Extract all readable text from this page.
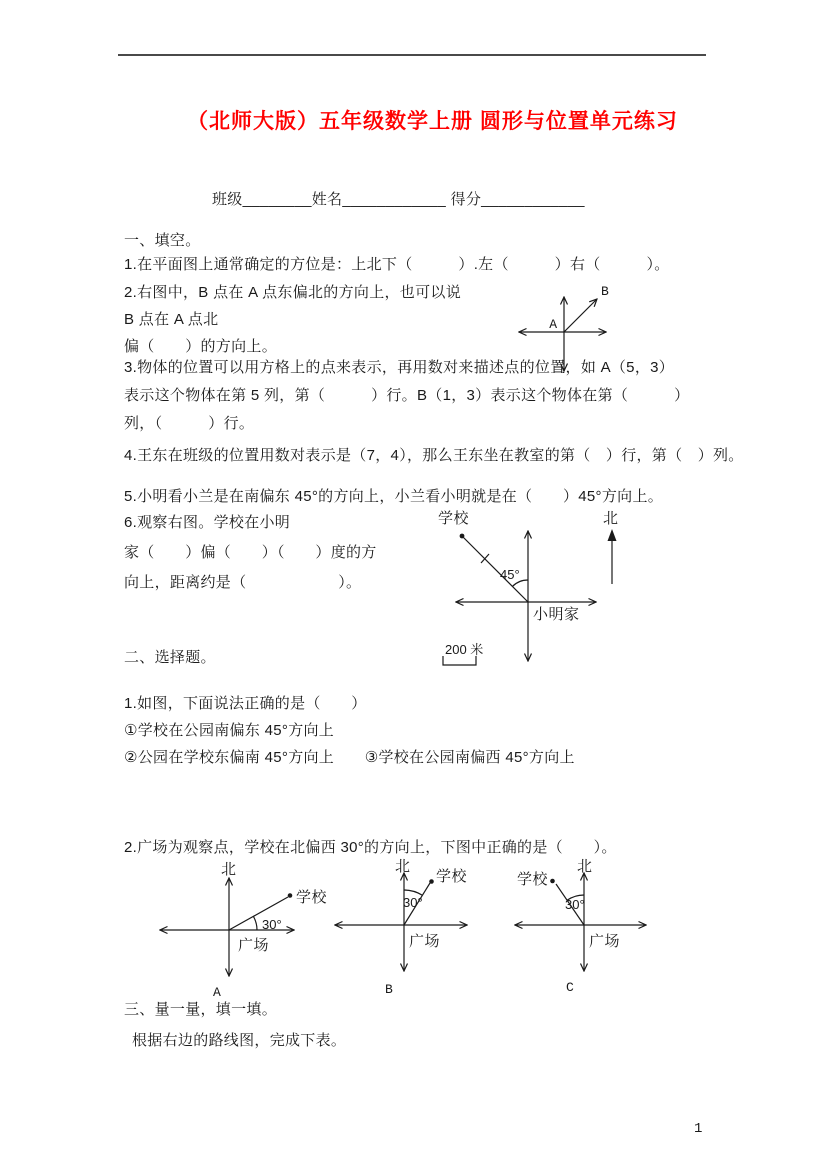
（北师大版）五年级数学上册 圆形与位置单元练习
班级________姓名____________ 得分____________
一、填空。
1.在平面图上通常确定的方位是：上北下（　　　）.左（　　　）右（　　　）。
2.右图中，B 点在 A 点东偏北的方向上，也可以说
B 点在 A 点北
偏（　　）的方向上。
3.物体的位置可以用方格上的点来表示，再用数对来描述点的位置，如 A（5，3）
表示这个物体在第 5 列，第（　　　）行。B（1，3）表示这个物体在第（　　　）
列，（　　　）行。
4.王东在班级的位置用数对表示是（7，4），那么王东坐在教室的第（　）行，第（　）列。
5.小明看小兰是在南偏东 45°的方向上，小兰看小明就是在（　　）45°方向上。
6.观察右图。学校在小明
家（　　）偏（　　）（　　）度的方
向上，距离约是（　　　　　　）。
A
B
学校
45°
小明家
北
200 米
二、选择题。
1.如图，下面说法正确的是（　　）
①学校在公园南偏东 45°方向上
②公园在学校东偏南 45°方向上　　③学校在公园南偏西 45°方向上
2.广场为观察点，学校在北偏西 30°的方向上，下图中正确的是（　　）。
北
学校
30°
广场
A
北
学校
30°
广场
B
学校
北
30°
广场
C
三、量一量，填一填。
根据右边的路线图，完成下表。
1
